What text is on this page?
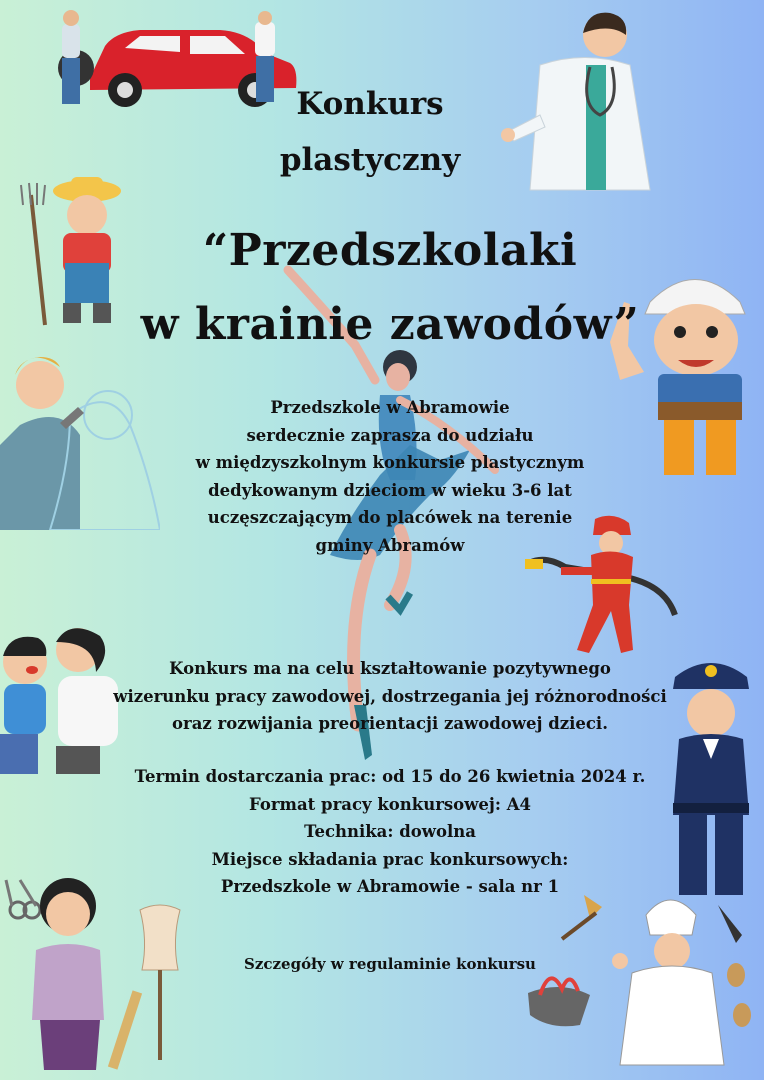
Konkurs
plastyczny
“Przedszkolaki
w krainie zawodów”
Przedszkole w Abramowie
serdecznie zaprasza do udziału
w międzyszkolnym konkursie plastycznym
dedykowanym dzieciom w wieku 3-6 lat
uczęszczającym do placówek na terenie
gminy Abramów
Konkurs ma na celu kształtowanie pozytywnego
wizerunku pracy zawodowej, dostrzegania jej różnorodności
oraz rozwijania preorientacji zawodowej dzieci.
Termin dostarczania prac: od 15 do 26 kwietnia 2024 r.
Format pracy konkursowej: A4
Technika: dowolna
Miejsce składania prac konkursowych:
Przedszkole w Abramowie - sala nr 1
Szczegóły w regulaminie konkursu
